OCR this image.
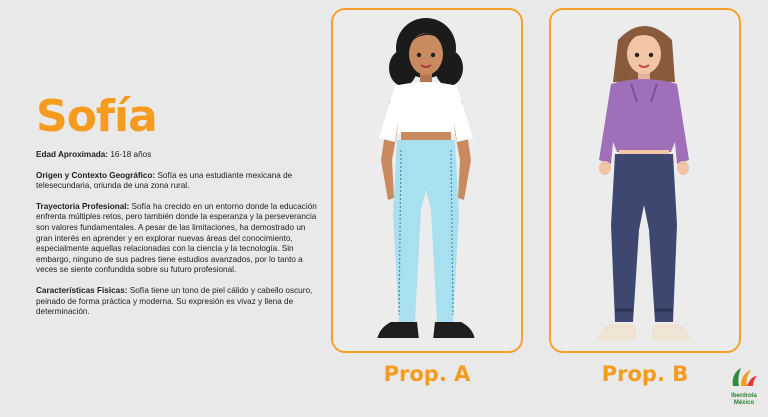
Sofía

Edad Aproximada: 16-18 años

Origen y Contexto Geográfico: Sofía es una estudiante mexicana de telesecundaria, oriunda de una zona rural.

Trayectoria Profesional: Sofía ha crecido en un entorno donde la educación enfrenta múltiples retos, pero también donde la esperanza y la perseverancia son valores fundamentales. A pesar de las limitaciones, ha demostrado un gran interés en aprender y en explorar nuevas áreas del conocimiento, especialmente aquellas relacionadas con la ciencia y la tecnología. Sin embargo, ninguno de sus padres tiene estudios avanzados, por lo tanto a veces se siente confundida sobre su futuro profesional.

Características Físicas: Sofía tiene un tono de piel cálido y cabello oscuro, peinado de forma práctica y moderna. Su expresión es vivaz y llena de determinación.

Prop. A	Prop. B
Iberdrola
México
